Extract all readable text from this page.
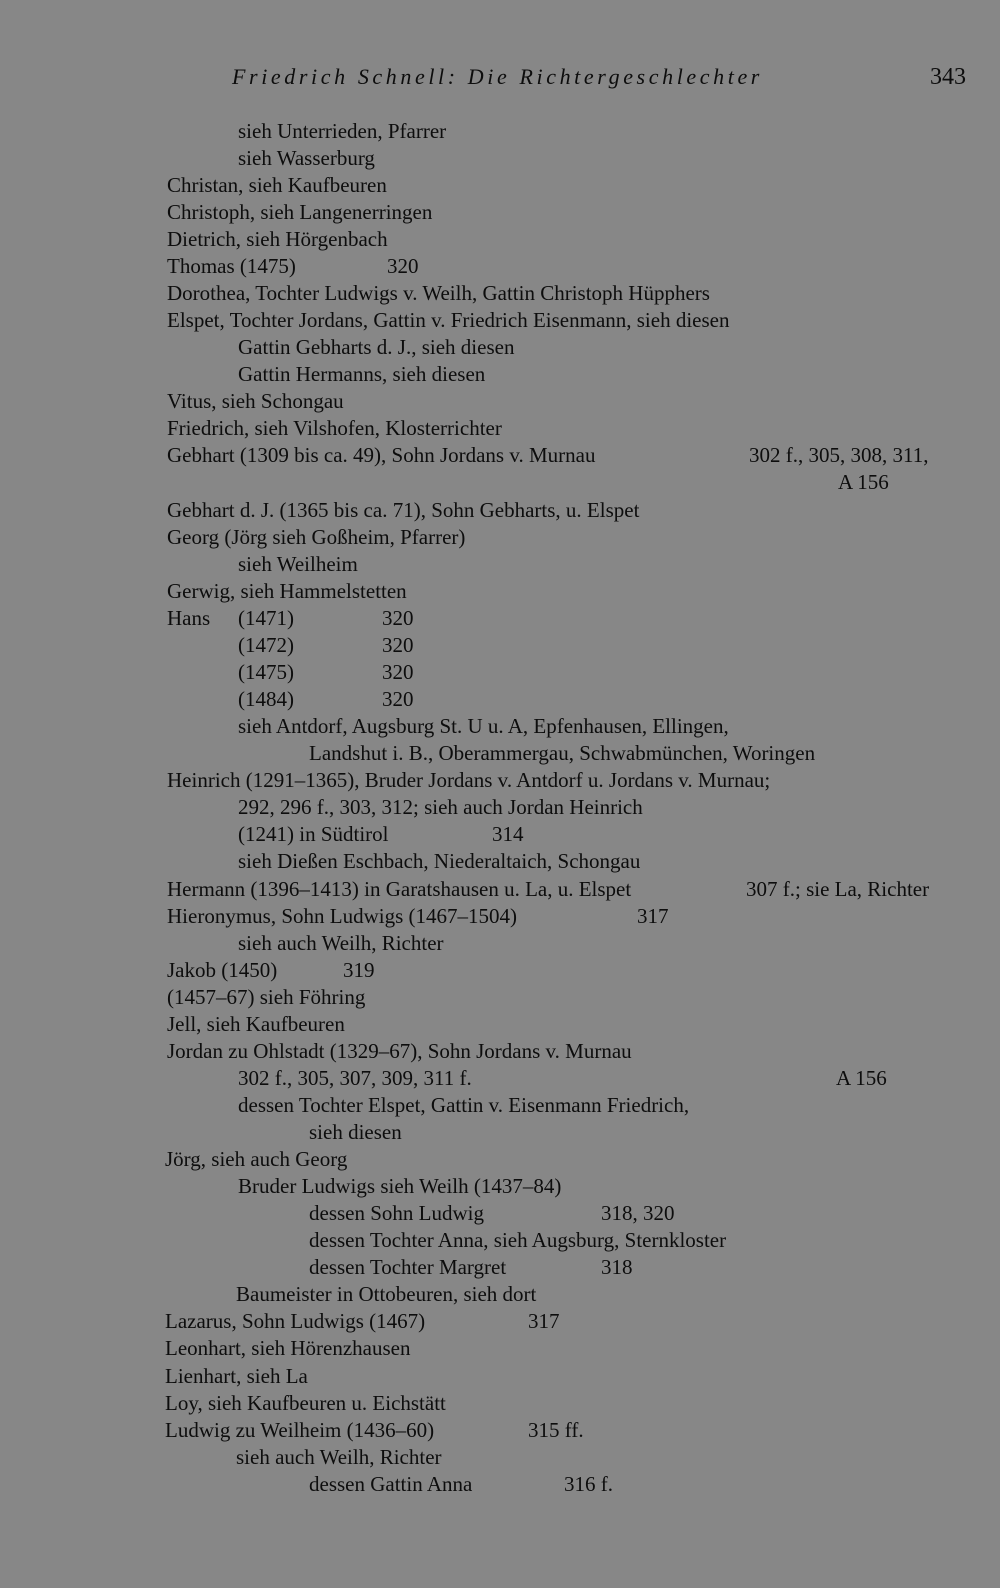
Friedrich Schnell: Die Richtergeschlechter	343
sieh Unterrieden, Pfarrer
sieh Wasserburg
Christan, sieh Kaufbeuren
Christoph, sieh Langenerringen
Dietrich, sieh Hörgenbach
Thomas (1475)	320
Dorothea, Tochter Ludwigs v. Weilh, Gattin Christoph Hüpphers
Elspet, Tochter Jordans, Gattin v. Friedrich Eisenmann, sieh diesen
Gattin Gebharts d. J., sieh diesen
Gattin Hermanns, sieh diesen
Vitus, sieh Schongau
Friedrich, sieh Vilshofen, Klosterrichter
Gebhart (1309 bis ca. 49), Sohn Jordans v. Murnau	302 f., 305, 308, 311,
A 156
Gebhart d. J. (1365 bis ca. 71), Sohn Gebharts, u. Elspet
Georg (Jörg sieh Goßheim, Pfarrer)
sieh Weilheim
Gerwig, sieh Hammelstetten
Hans (1471)	320
(1472)	320
(1475)	320
(1484)	320
sieh Antdorf, Augsburg St. U u. A, Epfenhausen, Ellingen,
Landshut i. B., Oberammergau, Schwabmünchen, Woringen
Heinrich (1291–1365), Bruder Jordans v. Antdorf u. Jordans v. Murnau;
292, 296 f., 303, 312; sieh auch Jordan Heinrich
(1241) in Südtirol	314
sieh Dießen Eschbach, Niederaltaich, Schongau
Hermann (1396–1413) in Garatshausen u. La, u. Elspet	307 f.; sie La, Richter
Hieronymus, Sohn Ludwigs (1467–1504)	317
sieh auch Weilh, Richter
Jakob (1450)	319
(1457–67) sieh Föhring
Jell, sieh Kaufbeuren
Jordan zu Ohlstadt (1329–67), Sohn Jordans v. Murnau
302 f., 305, 307, 309, 311 f.	A 156
dessen Tochter Elspet, Gattin v. Eisenmann Friedrich,
sieh diesen
Jörg, sieh auch Georg
Bruder Ludwigs sieh Weilh (1437–84)
dessen Sohn Ludwig	318, 320
dessen Tochter Anna, sieh Augsburg, Sternkloster
dessen Tochter Margret	318
Baumeister in Ottobeuren, sieh dort
Lazarus, Sohn Ludwigs (1467)	317
Leonhart, sieh Hörenzhausen
Lienhart, sieh La
Loy, sieh Kaufbeuren u. Eichstätt
Ludwig zu Weilheim (1436–60)	315 ff.
sieh auch Weilh, Richter
dessen Gattin Anna	316 f.
